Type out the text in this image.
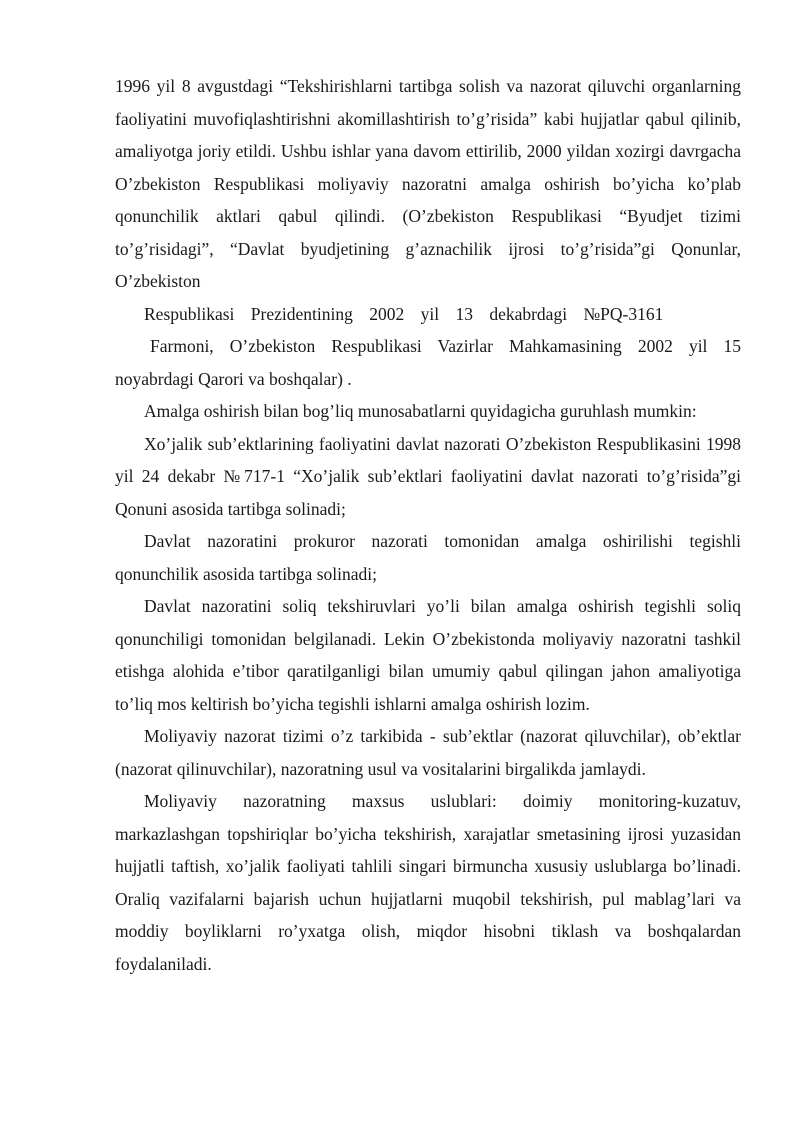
1996 yil 8 avgustdagi “Tekshirishlarni tartibga solish va nazorat qiluvchi organlarning faoliyatini muvofiqlashtirishni akomillashtirish to’g’risida” kabi hujjatlar qabul qilinib, amaliyotga joriy etildi. Ushbu ishlar yana davom ettirilib, 2000 yildan xozirgi davrgacha O’zbekiston Respublikasi moliyaviy nazoratni amalga oshirish bo’yicha ko’plab qonunchilik aktlari qabul qilindi. (O’zbekiston Respublikasi “Byudjet tizimi to’g’risidagi”, “Davlat byudjetining g’aznachilik ijrosi to’g’risida”gi Qonunlar, O’zbekiston

Respublikasi Prezidentining 2002 yil 13 dekabrdagi №PQ-3161

Farmoni, O’zbekiston Respublikasi Vazirlar Mahkamasining 2002 yil 15 noyabrdagi Qarori va boshqalar) .

Amalga oshirish bilan bog’liq munosabatlarni quyidagicha guruhlash mumkin:

Xo’jalik sub’ektlarining faoliyatini davlat nazorati O’zbekiston Respublikasini 1998 yil 24 dekabr №717-1 “Xo’jalik sub’ektlari faoliyatini davlat nazorati to’g’risida”gi Qonuni asosida tartibga solinadi;

Davlat nazoratini prokuror nazorati tomonidan amalga oshirilishi tegishli qonunchilik asosida tartibga solinadi;

Davlat nazoratini soliq tekshiruvlari yo’li bilan amalga oshirish tegishli soliq qonunchiligi tomonidan belgilanadi. Lekin O’zbekistonda moliyaviy nazoratni tashkil etishga alohida e’tibor qaratilganligi bilan umumiy qabul qilingan jahon amaliyotiga to’liq mos keltirish bo’yicha tegishli ishlarni amalga oshirish lozim.

Moliyaviy nazorat tizimi o’z tarkibida - sub’ektlar (nazorat qiluvchilar), ob’ektlar (nazorat qilinuvchilar), nazoratning usul va vositalarini birgalikda jamlaydi.

Moliyaviy nazoratning maxsus uslublari: doimiy monitoring-kuzatuv, markazlashgan topshiriqlar bo’yicha tekshirish, xarajatlar smetasining ijrosi yuzasidan hujjatli taftish, xo’jalik faoliyati tahlili singari birmuncha xususiy uslublarga bo’linadi. Oraliq vazifalarni bajarish uchun hujjatlarni muqobil tekshirish, pul mablag’lari va moddiy boyliklarni ro’yxatga olish, miqdor hisobni tiklash va boshqalardan foydalaniladi.
